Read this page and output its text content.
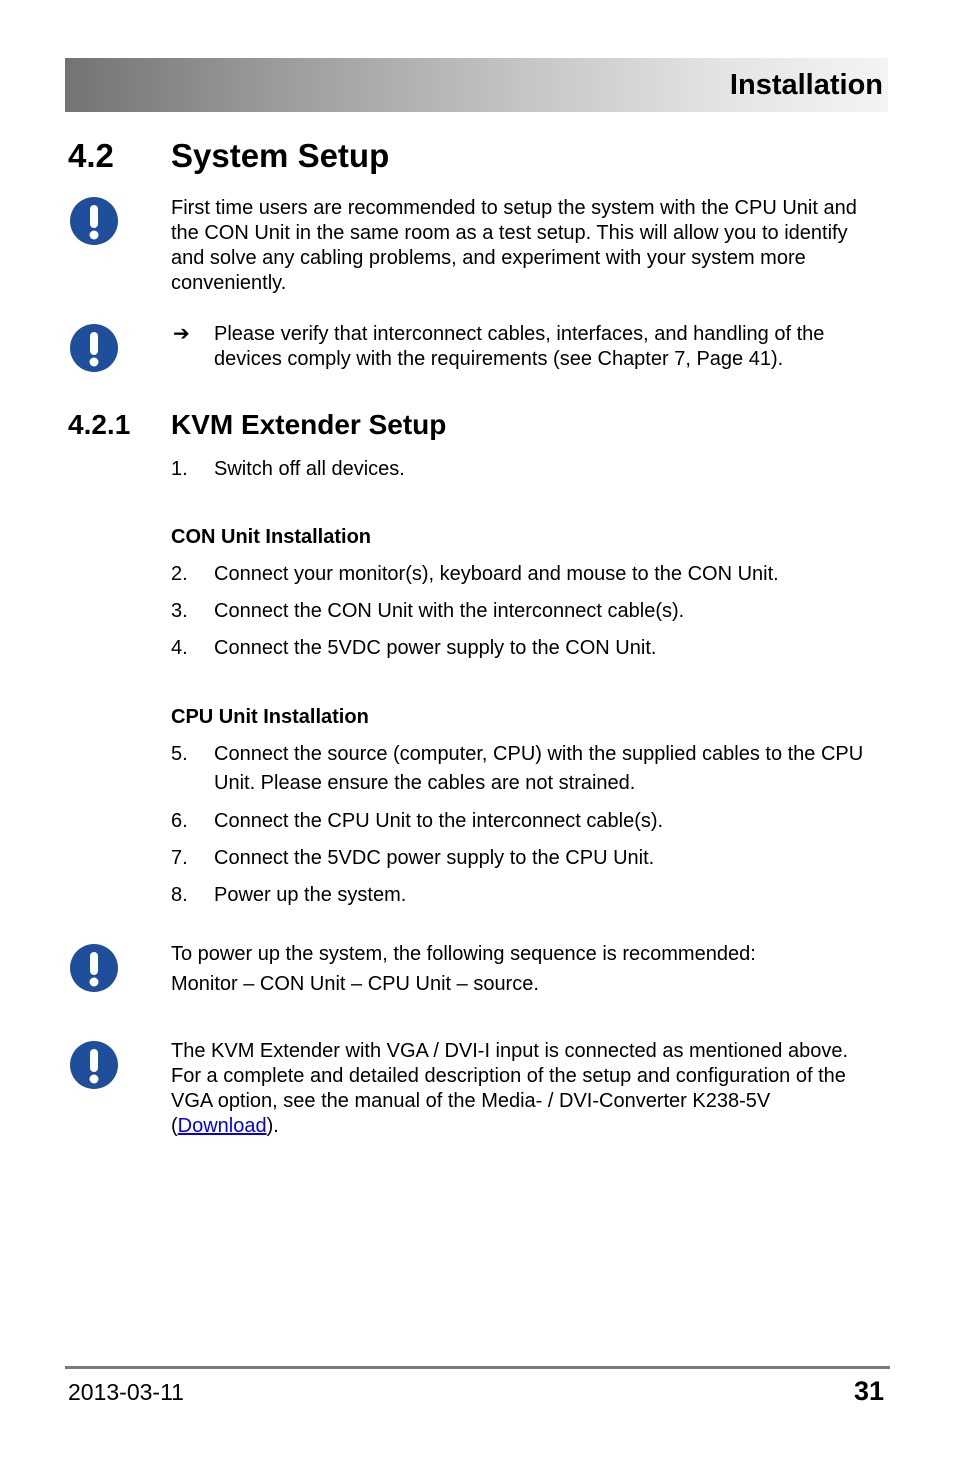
Installation
4.2 System Setup
First time users are recommended to setup the system with the CPU Unit and the CON Unit in the same room as a test setup. This will allow you to identify and solve any cabling problems, and experiment with your system more conveniently.
➔ Please verify that interconnect cables, interfaces, and handling of the devices comply with the requirements (see Chapter 7, Page 41).
4.2.1 KVM Extender Setup
1. Switch off all devices.
CON Unit Installation
2. Connect your monitor(s), keyboard and mouse to the CON Unit.
3. Connect the CON Unit with the interconnect cable(s).
4. Connect the 5VDC power supply to the CON Unit.
CPU Unit Installation
5. Connect the source (computer, CPU) with the supplied cables to the CPU Unit. Please ensure the cables are not strained.
6. Connect the CPU Unit to the interconnect cable(s).
7. Connect the 5VDC power supply to the CPU Unit.
8. Power up the system.
To power up the system, the following sequence is recommended:
Monitor – CON Unit – CPU Unit – source.
The KVM Extender with VGA / DVI-I input is connected as mentioned above. For a complete and detailed description of the setup and configuration of the VGA option, see the manual of the Media- / DVI-Converter K238-5V (Download).
2013-03-11	31
